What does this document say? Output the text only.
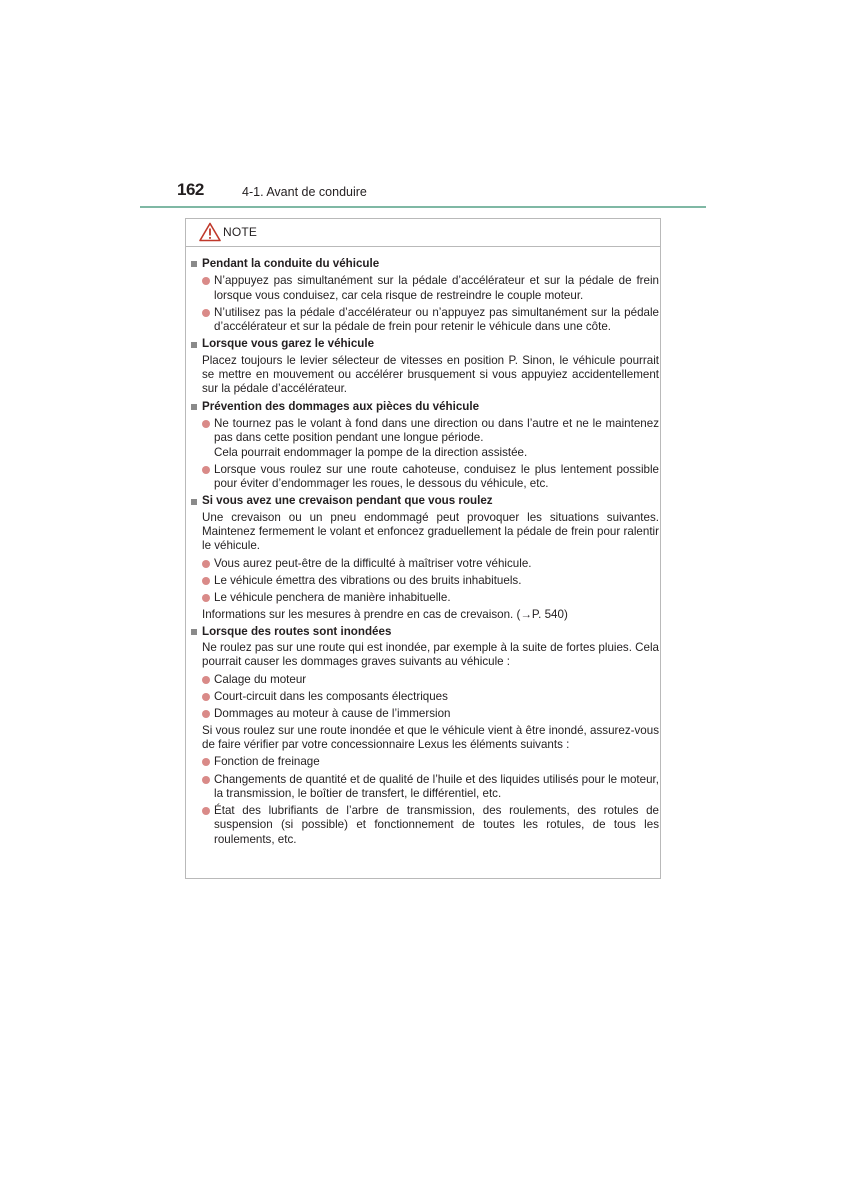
162	4-1. Avant de conduire
NOTE
Pendant la conduite du véhicule
N’appuyez pas simultanément sur la pédale d’accélérateur et sur la pédale de frein lorsque vous conduisez, car cela risque de restreindre le couple moteur.
N’utilisez pas la pédale d’accélérateur ou n’appuyez pas simultanément sur la pédale d’accélérateur et sur la pédale de frein pour retenir le véhicule dans une côte.
Lorsque vous garez le véhicule
Placez toujours le levier sélecteur de vitesses en position P. Sinon, le véhicule pourrait se mettre en mouvement ou accélérer brusquement si vous appuyiez accidentellement sur la pédale d’accélérateur.
Prévention des dommages aux pièces du véhicule
Ne tournez pas le volant à fond dans une direction ou dans l’autre et ne le maintenez pas dans cette position pendant une longue période.
Cela pourrait endommager la pompe de la direction assistée.
Lorsque vous roulez sur une route cahoteuse, conduisez le plus lentement possible pour éviter d’endommager les roues, le dessous du véhicule, etc.
Si vous avez une crevaison pendant que vous roulez
Une crevaison ou un pneu endommagé peut provoquer les situations suivantes. Maintenez fermement le volant et enfoncez graduellement la pédale de frein pour ralentir le véhicule.
Vous aurez peut-être de la difficulté à maîtriser votre véhicule.
Le véhicule émettra des vibrations ou des bruits inhabituels.
Le véhicule penchera de manière inhabituelle.
Informations sur les mesures à prendre en cas de crevaison. (→P. 540)
Lorsque des routes sont inondées
Ne roulez pas sur une route qui est inondée, par exemple à la suite de fortes pluies. Cela pourrait causer les dommages graves suivants au véhicule :
Calage du moteur
Court-circuit dans les composants électriques
Dommages au moteur à cause de l’immersion
Si vous roulez sur une route inondée et que le véhicule vient à être inondé, assurez-vous de faire vérifier par votre concessionnaire Lexus les éléments suivants :
Fonction de freinage
Changements de quantité et de qualité de l’huile et des liquides utilisés pour le moteur, la transmission, le boîtier de transfert, le différentiel, etc.
État des lubrifiants de l’arbre de transmission, des roulements, des rotules de suspension (si possible) et fonctionnement de toutes les rotules, de tous les roulements, etc.
